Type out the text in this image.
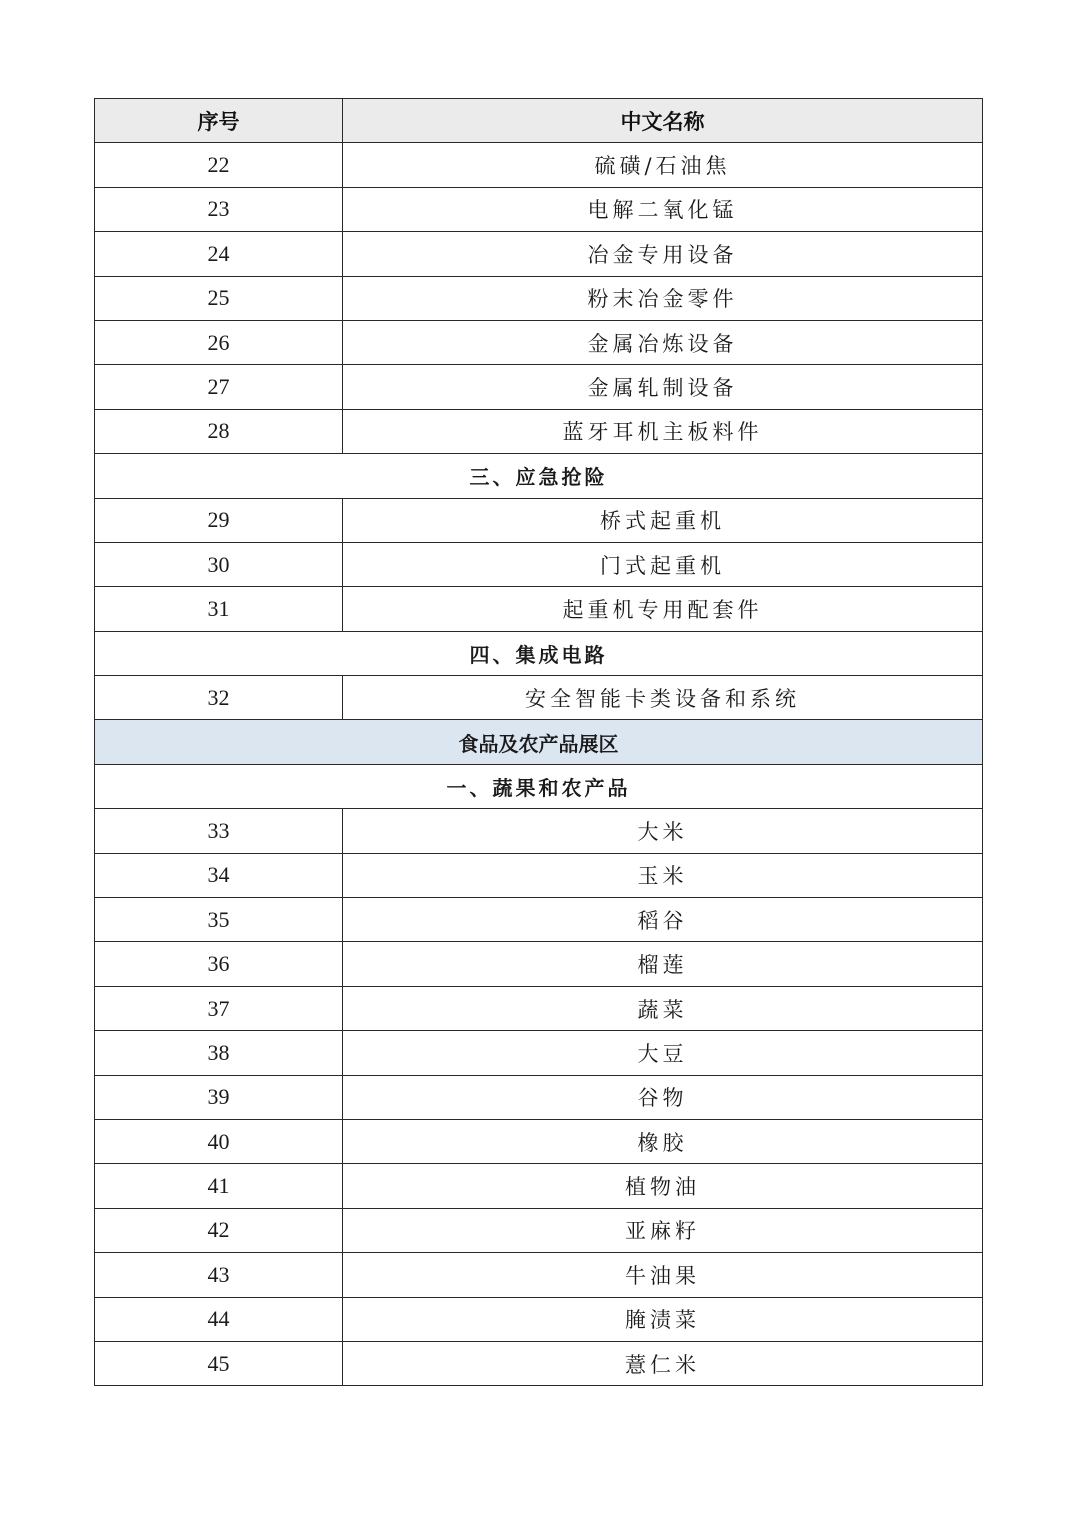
序号	中文名称
22	硫磺/石油焦
23	电解二氧化锰
24	冶金专用设备
25	粉末冶金零件
26	金属冶炼设备
27	金属轧制设备
28	蓝牙耳机主板料件
三、应急抢险	
29	桥式起重机
30	门式起重机
31	起重机专用配套件
四、集成电路	
32	安全智能卡类设备和系统
食品及农产品展区	
一、蔬果和农产品	
33	大米
34	玉米
35	稻谷
36	榴莲
37	蔬菜
38	大豆
39	谷物
40	橡胶
41	植物油
42	亚麻籽
43	牛油果
44	腌渍菜
45	薏仁米
